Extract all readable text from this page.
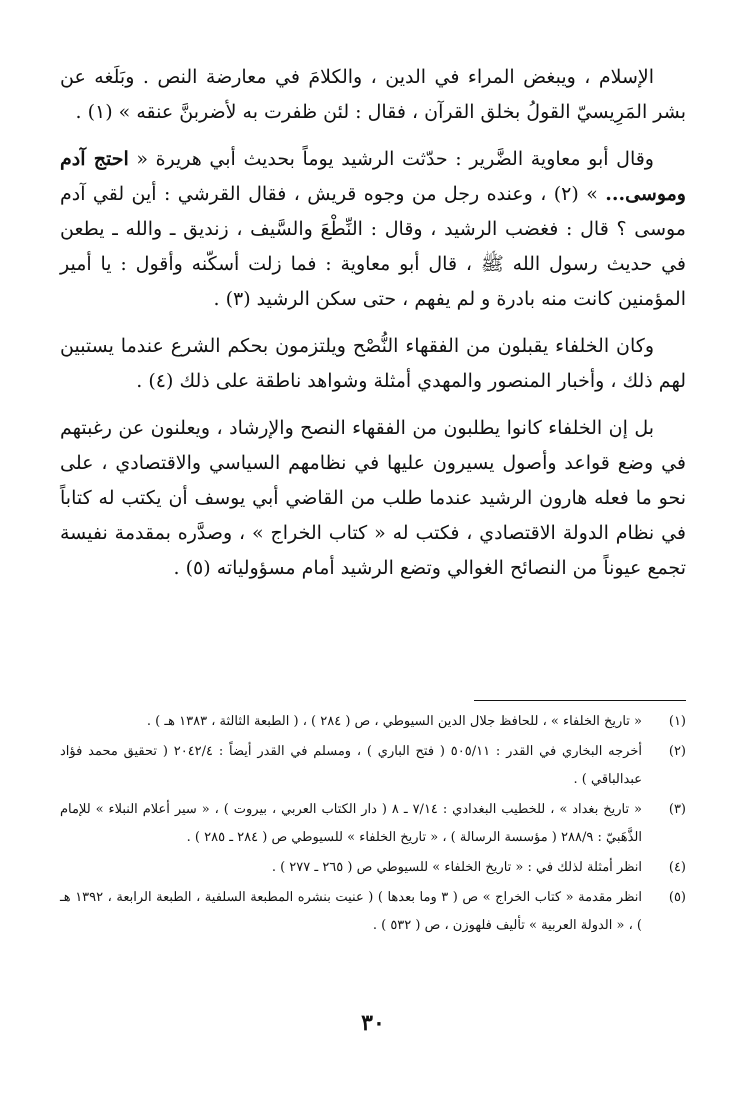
الإسلام ، ويبغض المراء في الدين ، والكلامَ في معارضة النص . وبَلَغه عن بشر المَرِيسيّ القولُ بخلق القرآن ، فقال : لئن ظفرت به لأضربنَّ عنقه » (١) .

وقال أبو معاوية الضَّرير : حدّثت الرشيد يوماً بحديث أبي هريرة « احتج آدم وموسى... » (٢) ، وعنده رجل من وجوه قريش ، فقال القرشي : أين لقي آدم موسى ؟ قال : فغضب الرشيد ، وقال : النِّطْعَ والسَّيف ، زنديق ـ والله ـ يطعن في حديث رسول الله ﷺ ، قال أبو معاوية : فما زلت أسكّنه وأقول : يا أمير المؤمنين كانت منه بادرة و لم يفهم ، حتى سكن الرشيد (٣) .

وكان الخلفاء يقبلون من الفقهاء النُّصْح ويلتزمون بحكم الشرع عندما يستبين لهم ذلك ، وأخبار المنصور والمهدي أمثلة وشواهد ناطقة على ذلك (٤) .

بل إن الخلفاء كانوا يطلبون من الفقهاء النصح والإرشاد ، ويعلنون عن رغبتهم في وضع قواعد وأصول يسيرون عليها في نظامهم السياسي والاقتصادي ، على نحو ما فعله هارون الرشيد عندما طلب من القاضي أبي يوسف أن يكتب له كتاباً في نظام الدولة الاقتصادي ، فكتب له « كتاب الخراج » ، وصدَّره بمقدمة نفيسة تجمع عيوناً من النصائح الغوالي وتضع الرشيد أمام مسؤولياته (٥) .

(١)
« تاريخ الخلفاء » ، للحافظ جلال الدين السيوطي ، ص ( ٢٨٤ ) ، ( الطبعة الثالثة ، ١٣٨٣ هـ ) .
(٢)
أخرجه البخاري في القدر : ٥٠٥/١١ ( فتح الباري ) ، ومسلم في القدر أيضاً : ٢٠٤٢/٤ ( تحقيق محمد فؤاد عبدالباقي ) .
(٣)
« تاريخ بغداد » ، للخطيب البغدادي : ٧/١٤ ـ ٨ ( دار الكتاب العربي ، بيروت ) ، « سير أعلام النبلاء » للإمام الذَّهَبيّ : ٢٨٨/٩ ( مؤسسة الرسالة ) ، « تاريخ الخلفاء » للسيوطي ص ( ٢٨٤ ـ ٢٨٥ ) .
(٤)
انظر أمثلة لذلك في : « تاريخ الخلفاء » للسيوطي ص ( ٢٦٥ ـ ٢٧٧ ) .
(٥)
انظر مقدمة « كتاب الخراج » ص ( ٣ وما بعدها ) ( عنيت بنشره المطبعة السلفية ، الطبعة الرابعة ، ١٣٩٢ هـ ) ، « الدولة العربية » تأليف فلهوزن ، ص ( ٥٣٢ ) .
٣٠
